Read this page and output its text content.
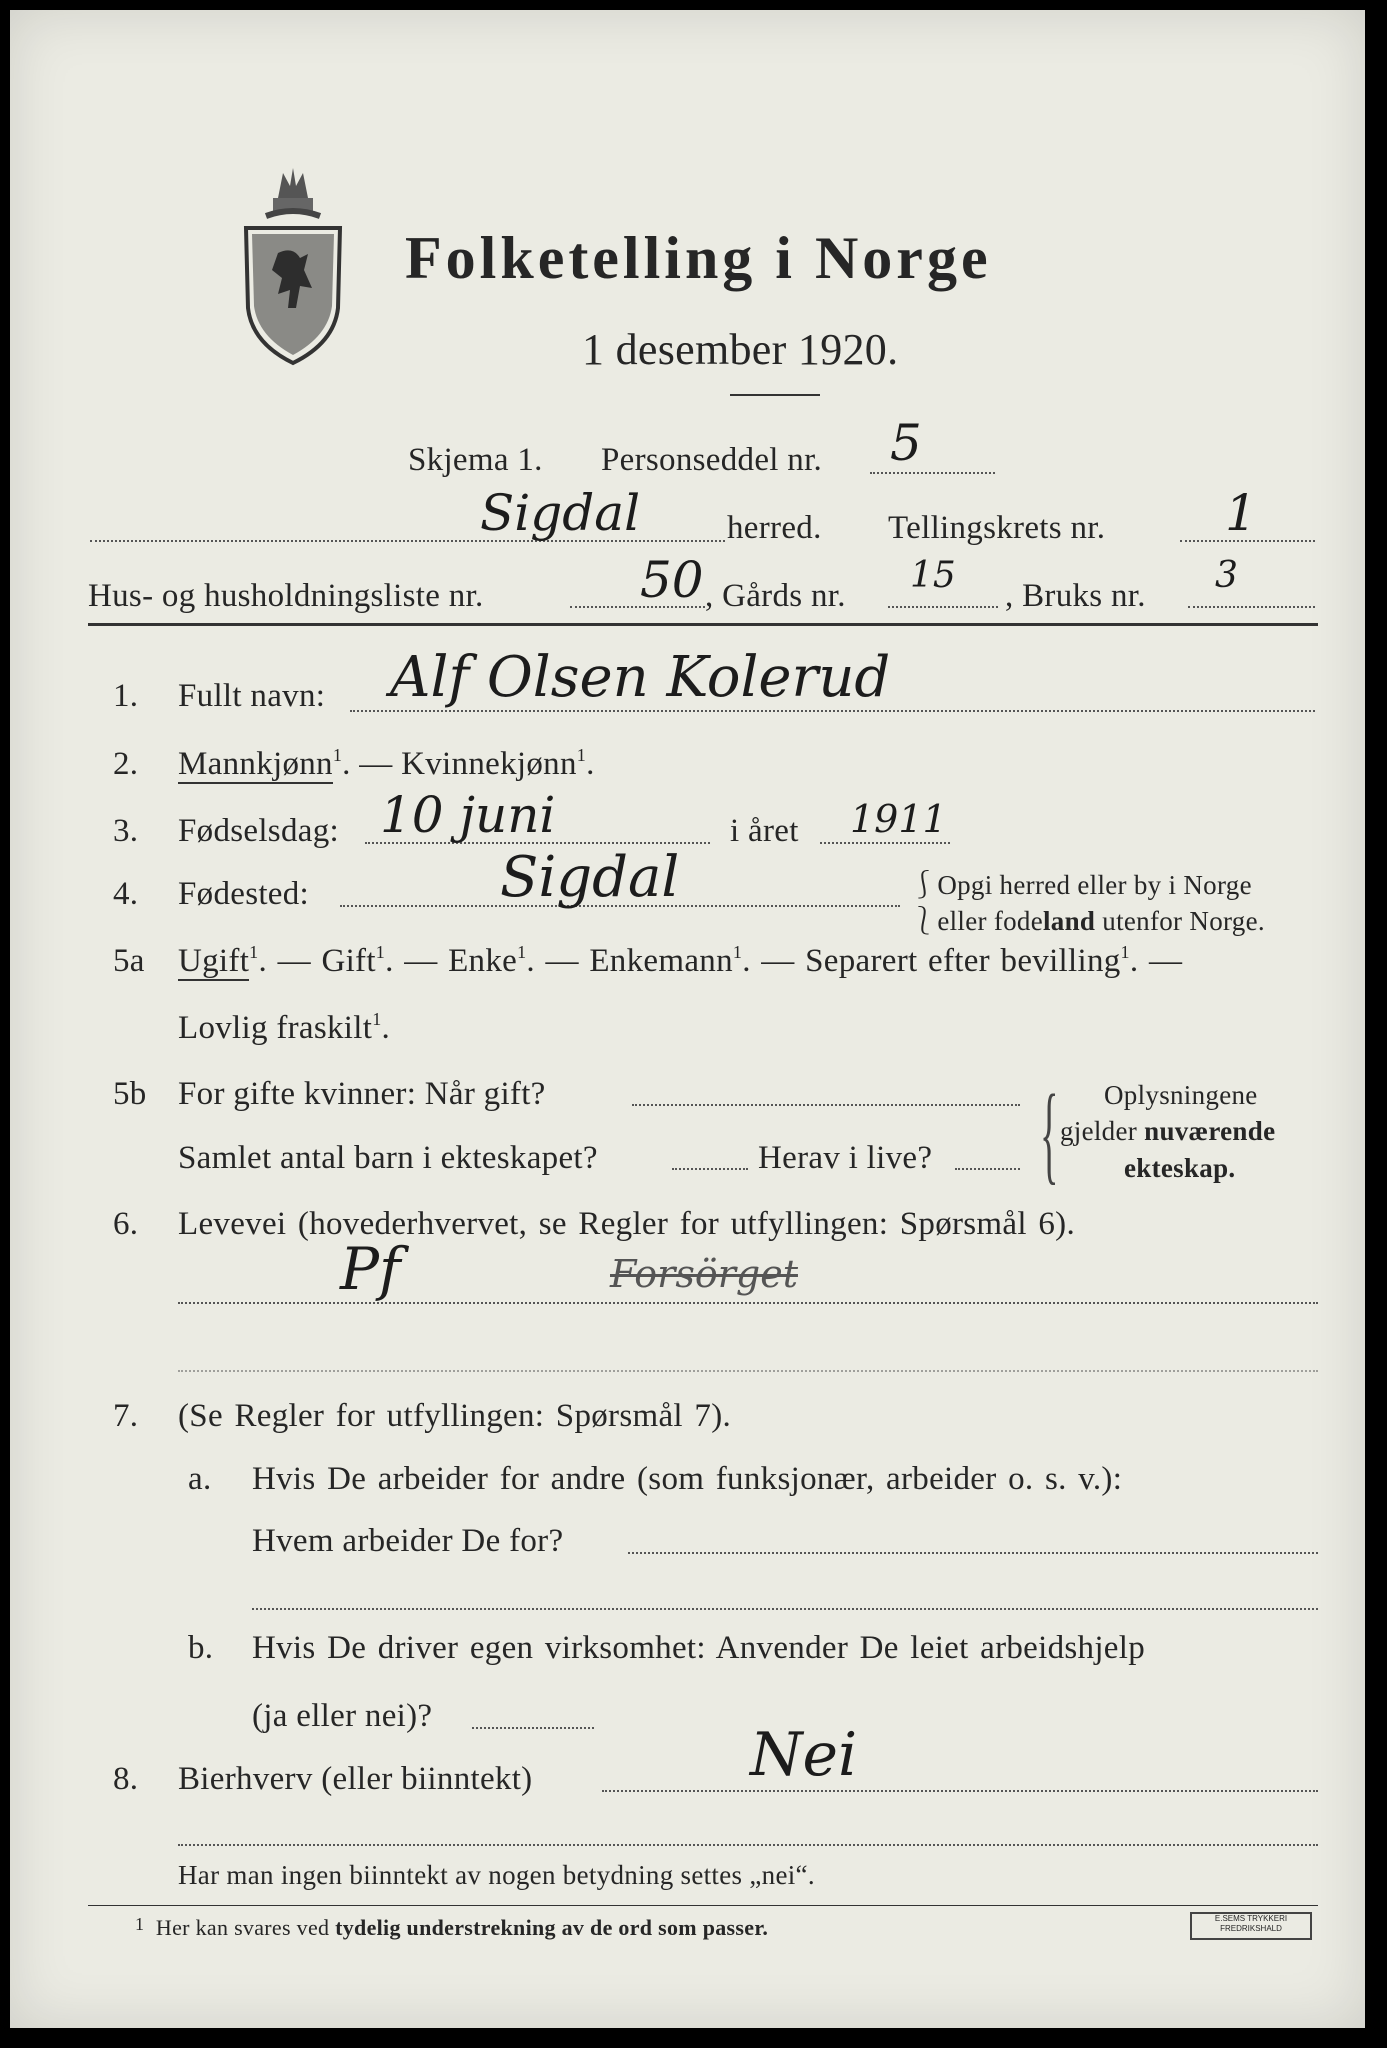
Folketelling i Norge
1 desember 1920.
Skjema 1. Personseddel nr. 5
Sigdal	herred. Tellingskrets nr. 1
Hus- og husholdningsliste nr.	50 , Gårds nr. 15 , Bruks nr. 3
1. Fullt navn: Alf Olsen Kolerud
2. Mannkjønn$^1$. — Kvinnekjønn$^1$.
3. Fødselsdag: 10 juni	i året 1911
4. Fødested:	Sigdal	⎰Opgi herred eller by i Norge
⎱eller fodeland utenfor Norge.
5a Ugift$^1$. — Gift$^1$. — Enke$^1$. — Enkemann$^1$. — Separert efter bevilling$^1$. —
Lovlig fraskilt$^1$.
5b For gifte kvinner: Når gift?
Samlet antal barn i ekteskapet?	Herav i live? { Oplysningene
gjelder nuværende
ekteskap.
6. Levevei (hovederhvervet, se Regler for utfyllingen: Spørsmål 6).
Pf	Forsörget
7. (Se Regler for utfyllingen: Spørsmål 7).
a. Hvis De arbeider for andre (som funksjonær, arbeider o. s. v.):
Hvem arbeider De for?
b. Hvis De driver egen virksomhet: Anvender De leiet arbeidshjelp
(ja eller nei)?
8. Bierhverv (eller biinntekt)	Nei
Har man ingen biinntekt av nogen betydning settes „nei“.
$^1$ Her kan svares ved tydelig understrekning av de ord som passer.	E.SEMS TRYKKERI FREDRIKSHALD
